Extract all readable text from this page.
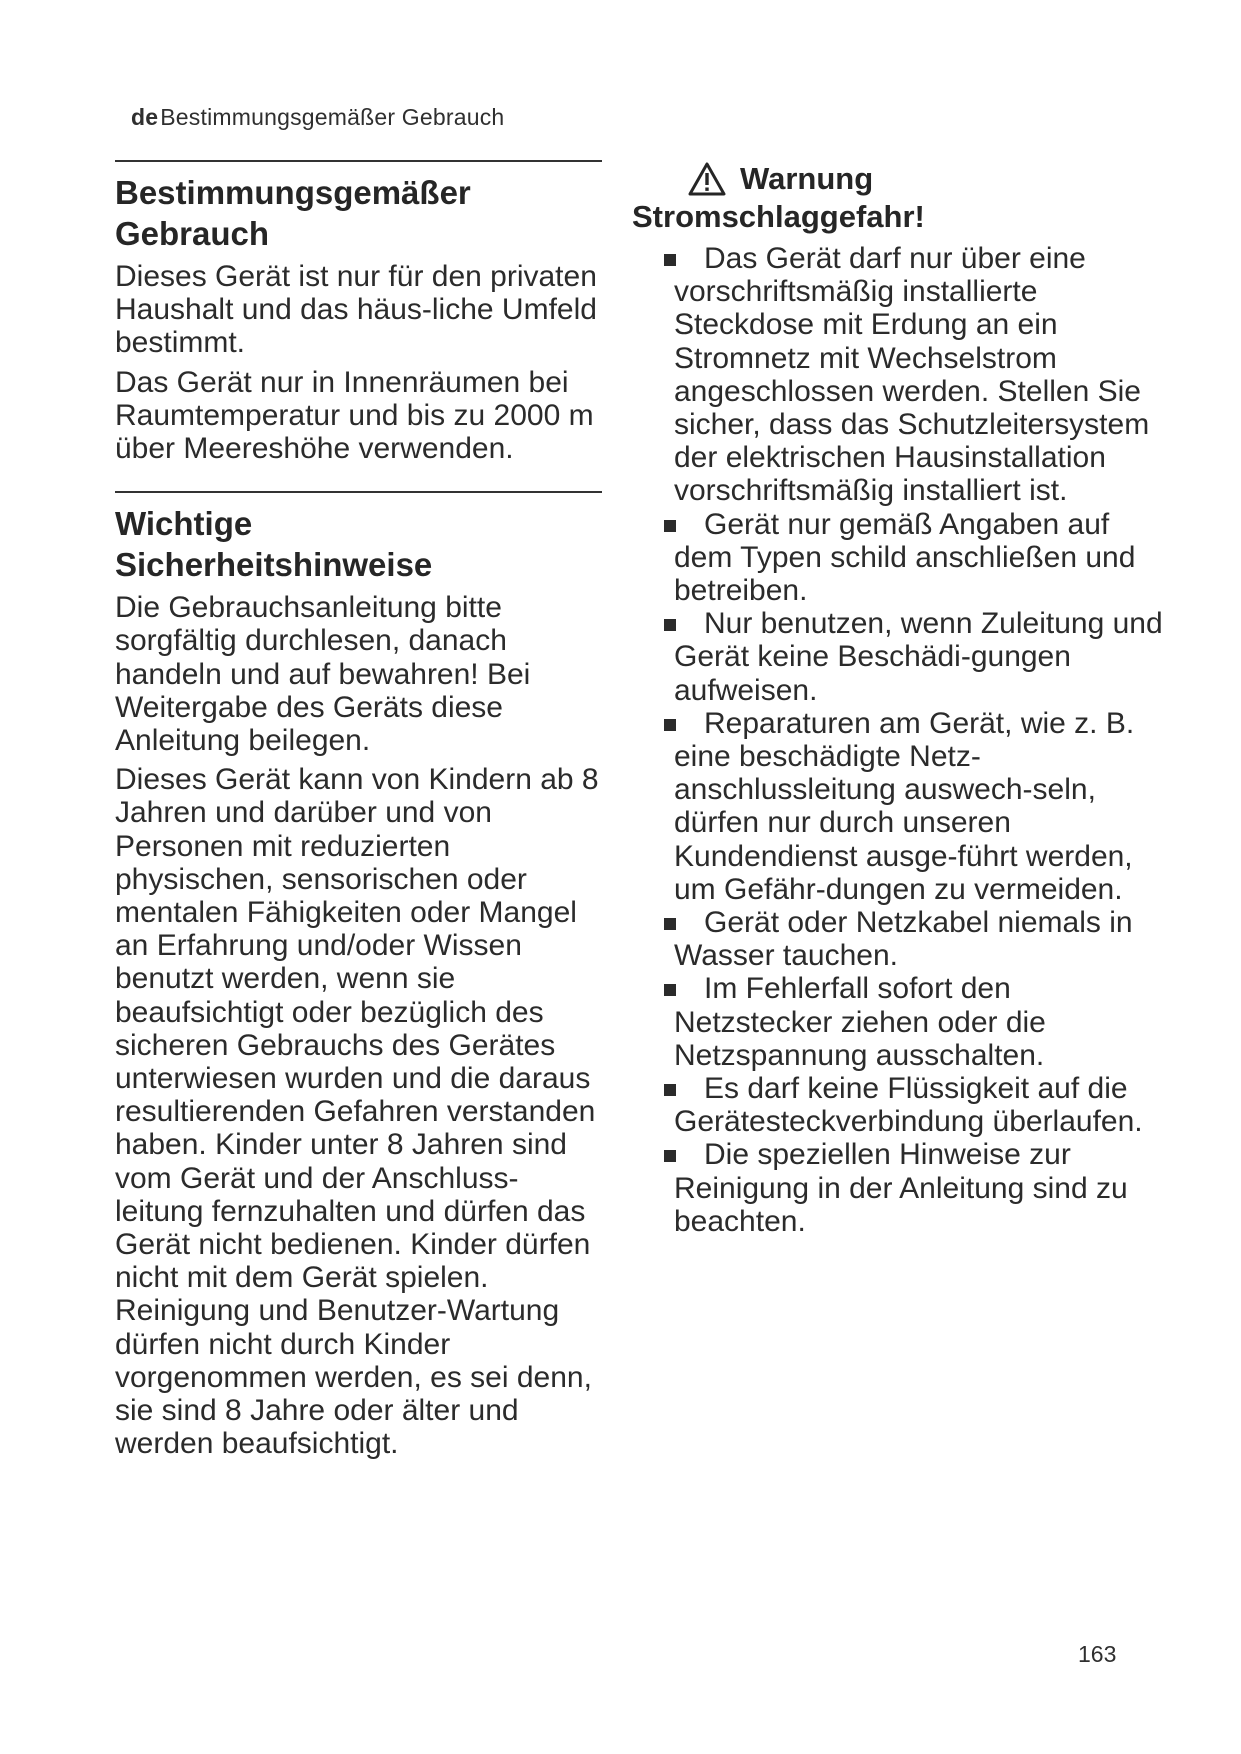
deBestimmungsgemäßer Gebrauch
Bestimmungsgemäßer
Gebrauch

Dieses Gerät ist nur für den privaten Haushalt und das häus-liche Umfeld bestimmt.

Das Gerät nur in Innenräumen bei Raumtemperatur und bis zu 2000 m über Meereshöhe verwenden.

Wichtige
Sicherheitshinweise

Die Gebrauchsanleitung bitte sorgfältig durchlesen, danach handeln und auf bewahren! Bei Weitergabe des Geräts diese Anleitung beilegen.

Dieses Gerät kann von Kindern ab 8 Jahren und darüber und von Personen mit reduzierten physischen, sensorischen oder mentalen Fähigkeiten oder Mangel an Erfahrung und/oder Wissen benutzt werden, wenn sie beaufsichtigt oder bezüglich des sicheren Gebrauchs des Gerätes unterwiesen wurden und die daraus resultierenden Gefahren verstanden haben. Kinder unter 8 Jahren sind vom Gerät und der Anschluss-leitung fernzuhalten und dürfen das Gerät nicht bedienen. Kinder dürfen nicht mit dem Gerät spielen. Reinigung und Benutzer-Wartung dürfen nicht durch Kinder vorgenommen werden, es sei denn, sie sind 8 Jahre oder älter und werden beaufsichtigt.

Warnung
Stromschlaggefahr!
Das Gerät darf nur über eine vorschriftsmäßig installierte Steckdose mit Erdung an ein Stromnetz mit Wechselstrom angeschlossen werden. Stellen Sie sicher, dass das Schutzleitersystem der elektrischen Hausinstallation vorschriftsmäßig installiert ist.
Gerät nur gemäß Angaben auf dem Typen schild anschließen und betreiben.
Nur benutzen, wenn Zuleitung und Gerät keine Beschädi-gungen aufweisen.
Reparaturen am Gerät, wie z. B. eine beschädigte Netz-anschlussleitung auswech-seln, dürfen nur durch unseren Kundendienst ausge-führt werden, um Gefähr-dungen zu vermeiden.
Gerät oder Netzkabel niemals in Wasser tauchen.
Im Fehlerfall sofort den Netzstecker ziehen oder die Netzspannung ausschalten.
Es darf keine Flüssigkeit auf die Gerätesteckverbindung überlaufen.
Die speziellen Hinweise zur Reinigung in der Anleitung sind zu beachten.
163
